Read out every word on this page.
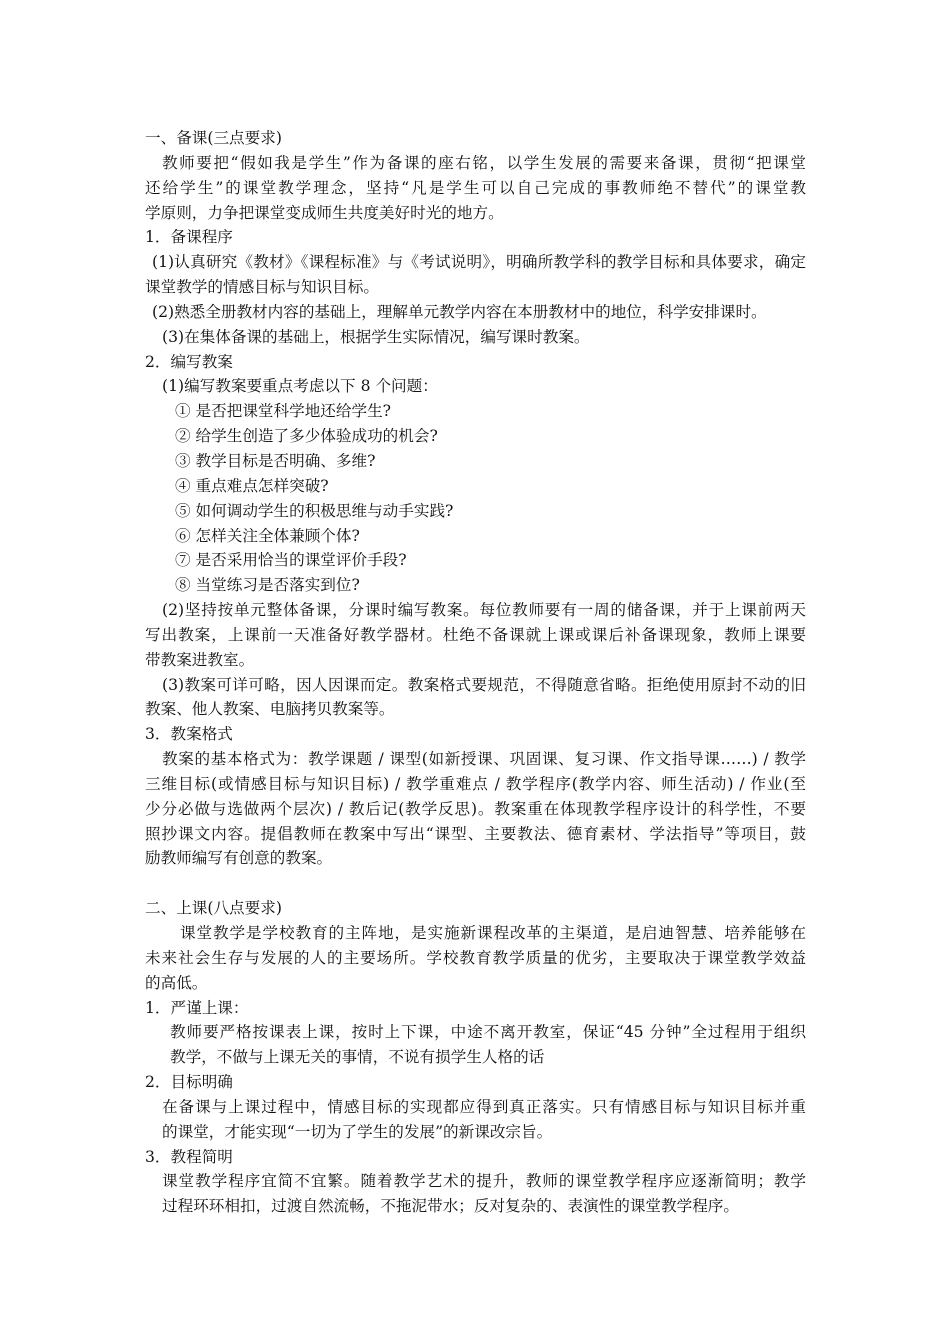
一、备课(三点要求)
教师要把“假如我是学生”作为备课的座右铭，以学生发展的需要来备课，贯彻“把课堂
还给学生”的课堂教学理念，坚持“凡是学生可以自己完成的事教师绝不替代”的课堂教
学原则，力争把课堂变成师生共度美好时光的地方。
1．备课程序
(1)认真研究《教材》《课程标准》与《考试说明》，明确所教学科的教学目标和具体要求，确定
课堂教学的情感目标与知识目标。
(2)熟悉全册教材内容的基础上，理解单元教学内容在本册教材中的地位，科学安排课时。
(3)在集体备课的基础上，根据学生实际情况，编写课时教案。
2．编写教案
(1)编写教案要重点考虑以下 8 个问题：
① 是否把课堂科学地还给学生?
② 给学生创造了多少体验成功的机会?
③ 教学目标是否明确、多维?
④ 重点难点怎样突破?
⑤ 如何调动学生的积极思维与动手实践?
⑥ 怎样关注全体兼顾个体?
⑦ 是否采用恰当的课堂评价手段?
⑧ 当堂练习是否落实到位?
(2)坚持按单元整体备课，分课时编写教案。每位教师要有一周的储备课，并于上课前两天
写出教案，上课前一天准备好教学器材。杜绝不备课就上课或课后补备课现象，教师上课要
带教案进教室。
(3)教案可详可略，因人因课而定。教案格式要规范，不得随意省略。拒绝使用原封不动的旧
教案、他人教案、电脑拷贝教案等。
3．教案格式
教案的基本格式为：教学课题 / 课型(如新授课、巩固课、复习课、作文指导课……) / 教学
三维目标(或情感目标与知识目标) / 教学重难点 / 教学程序(教学内容、师生活动) / 作业(至
少分必做与选做两个层次) / 教后记(教学反思)。教案重在体现教学程序设计的科学性，不要
照抄课文内容。提倡教师在教案中写出“课型、主要教法、德育素材、学法指导”等项目，鼓
励教师编写有创意的教案。
二、上课(八点要求)
课堂教学是学校教育的主阵地，是实施新课程改革的主渠道，是启迪智慧、培养能够在
未来社会生存与发展的人的主要场所。学校教育教学质量的优劣，主要取决于课堂教学效益
的高低。
1．严谨上课：
教师要严格按课表上课，按时上下课，中途不离开教室，保证“45 分钟”全过程用于组织
教学，不做与上课无关的事情，不说有损学生人格的话
2．目标明确
在备课与上课过程中，情感目标的实现都应得到真正落实。只有情感目标与知识目标并重
的课堂，才能实现“一切为了学生的发展”的新课改宗旨。
3．教程简明
课堂教学程序宜简不宜繁。随着教学艺术的提升，教师的课堂教学程序应逐渐简明；教学
过程环环相扣，过渡自然流畅，不拖泥带水；反对复杂的、表演性的课堂教学程序。
